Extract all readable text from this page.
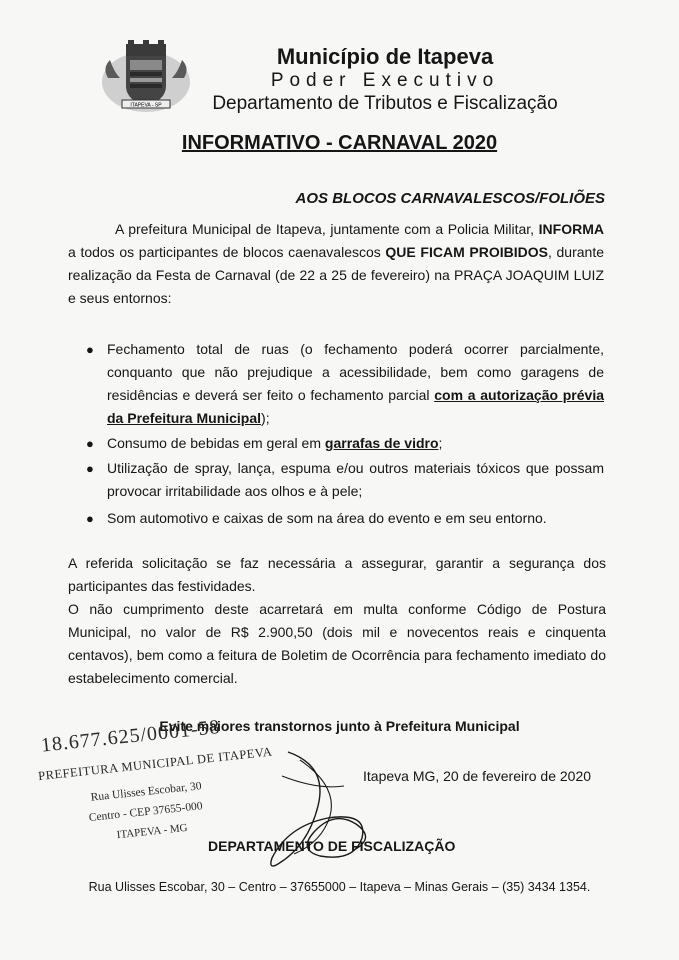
ITAPEVA - SP
Município de Itapeva
Poder Executivo
Departamento de Tributos e Fiscalização
INFORMATIVO - CARNAVAL 2020
AOS BLOCOS CARNAVALESCOS/FOLIÕES
A prefeitura Municipal de Itapeva, juntamente com a Policia Militar, INFORMA a todos os participantes de blocos caenavalescos QUE FICAM PROIBIDOS, durante realização da Festa de Carnaval (de 22 a 25 de fevereiro) na PRAÇA JOAQUIM LUIZ e seus entornos:
● Fechamento total de ruas (o fechamento poderá ocorrer parcialmente, conquanto que não prejudique a acessibilidade, bem como garagens de residências e deverá ser feito o fechamento parcial com a autorização prévia da Prefeitura Municipal);
● Consumo de bebidas em geral em garrafas de vidro;
● Utilização de spray, lança, espuma e/ou outros materiais tóxicos que possam provocar irritabilidade aos olhos e à pele;
● Som automotivo e caixas de som na área do evento e em seu entorno.
A referida solicitação se faz necessária a assegurar, garantir a segurança dos participantes das festividades.
O não cumprimento deste acarretará em multa conforme Código de Postura Municipal, no valor de R$ 2.900,50 (dois mil e novecentos reais e cinquenta centavos), bem como a feitura de Boletim de Ocorrência para fechamento imediato do estabelecimento comercial.
Evite maiores transtornos junto à Prefeitura Municipal
Itapeva MG, 20 de fevereiro de 2020
18.677.625/0001-58
PREFEITURA MUNICIPAL DE ITAPEVA
Rua Ulisses Escobar, 30
Centro - CEP 37655-000
ITAPEVA - MG
DEPARTAMENTO DE FISCALIZAÇÃO
Rua Ulisses Escobar, 30 – Centro – 37655000 – Itapeva – Minas Gerais – (35) 3434 1354.
